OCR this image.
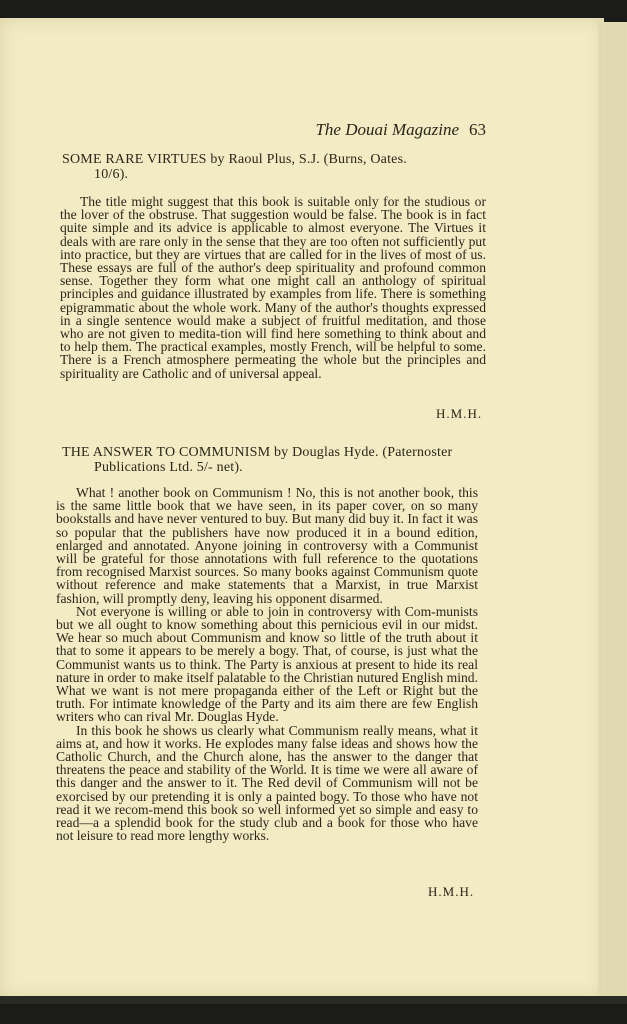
The Douai Magazine 63
SOME RARE VIRTUES by Raoul Plus, S.J. (Burns, Oates.
10/6).

The title might suggest that this book is suitable only for the studious or the lover of the obstruse. That suggestion would be false. The book is in fact quite simple and its advice is applicable to almost everyone. The Virtues it deals with are rare only in the sense that they are too often not sufficiently put into practice, but they are virtues that are called for in the lives of most of us. These essays are full of the author's deep spirituality and profound common sense. Together they form what one might call an anthology of spiritual principles and guidance illustrated by examples from life. There is something epigrammatic about the whole work. Many of the author's thoughts expressed in a single sentence would make a subject of fruitful meditation, and those who are not given to medita-tion will find here something to think about and to help them. The practical examples, mostly French, will be helpful to some. There is a French atmosphere permeating the whole but the principles and spirituality are Catholic and of universal appeal.

H.M.H.
THE ANSWER TO COMMUNISM by Douglas Hyde. (Paternoster
Publications Ltd. 5/- net).

What ! another book on Communism ! No, this is not another book, this is the same little book that we have seen, in its paper cover, on so many bookstalls and have never ventured to buy. But many did buy it. In fact it was so popular that the publishers have now produced it in a bound edition, enlarged and annotated. Anyone joining in controversy with a Communist will be grateful for those annotations with full reference to the quotations from recognised Marxist sources. So many books against Communism quote without reference and make statements that a Marxist, in true Marxist fashion, will promptly deny, leaving his opponent disarmed.

Not everyone is willing or able to join in controversy with Com-munists but we all ought to know something about this pernicious evil in our midst. We hear so much about Communism and know so little of the truth about it that to some it appears to be merely a bogy. That, of course, is just what the Communist wants us to think. The Party is anxious at present to hide its real nature in order to make itself palatable to the Christian nutured English mind. What we want is not mere propaganda either of the Left or Right but the truth. For intimate knowledge of the Party and its aim there are few English writers who can rival Mr. Douglas Hyde.

In this book he shows us clearly what Communism really means, what it aims at, and how it works. He explodes many false ideas and shows how the Catholic Church, and the Church alone, has the answer to the danger that threatens the peace and stability of the World. It is time we were all aware of this danger and the answer to it. The Red devil of Communism will not be exorcised by our pretending it is only a painted bogy. To those who have not read it we recom-mend this book so well informed yet so simple and easy to read—a a splendid book for the study club and a book for those who have not leisure to read more lengthy works.

H.M.H.
